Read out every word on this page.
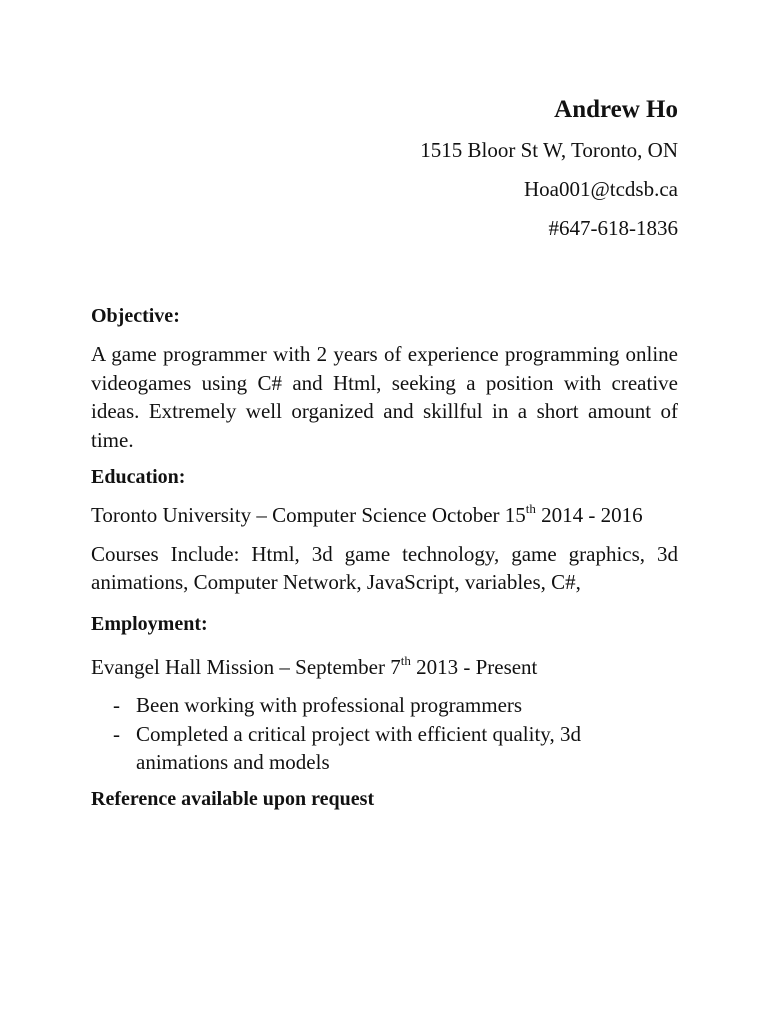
Andrew Ho

1515 Bloor St W, Toronto, ON

Hoa001@tcdsb.ca

#647-618-1836

Objective:

A game programmer with 2 years of experience programming online videogames using C# and Html, seeking a position with creative ideas. Extremely well organized and skillful in a short amount of time.

Education:

Toronto University – Computer Science October 15th 2014 - 2016

Courses Include: Html, 3d game technology, game graphics, 3d animations, Computer Network, JavaScript, variables, C#,

Employment:

Evangel Hall Mission – September 7th 2013 - Present

- Been working with professional programmers
- Completed a critical project with efficient quality, 3d animations and models

Reference available upon request
